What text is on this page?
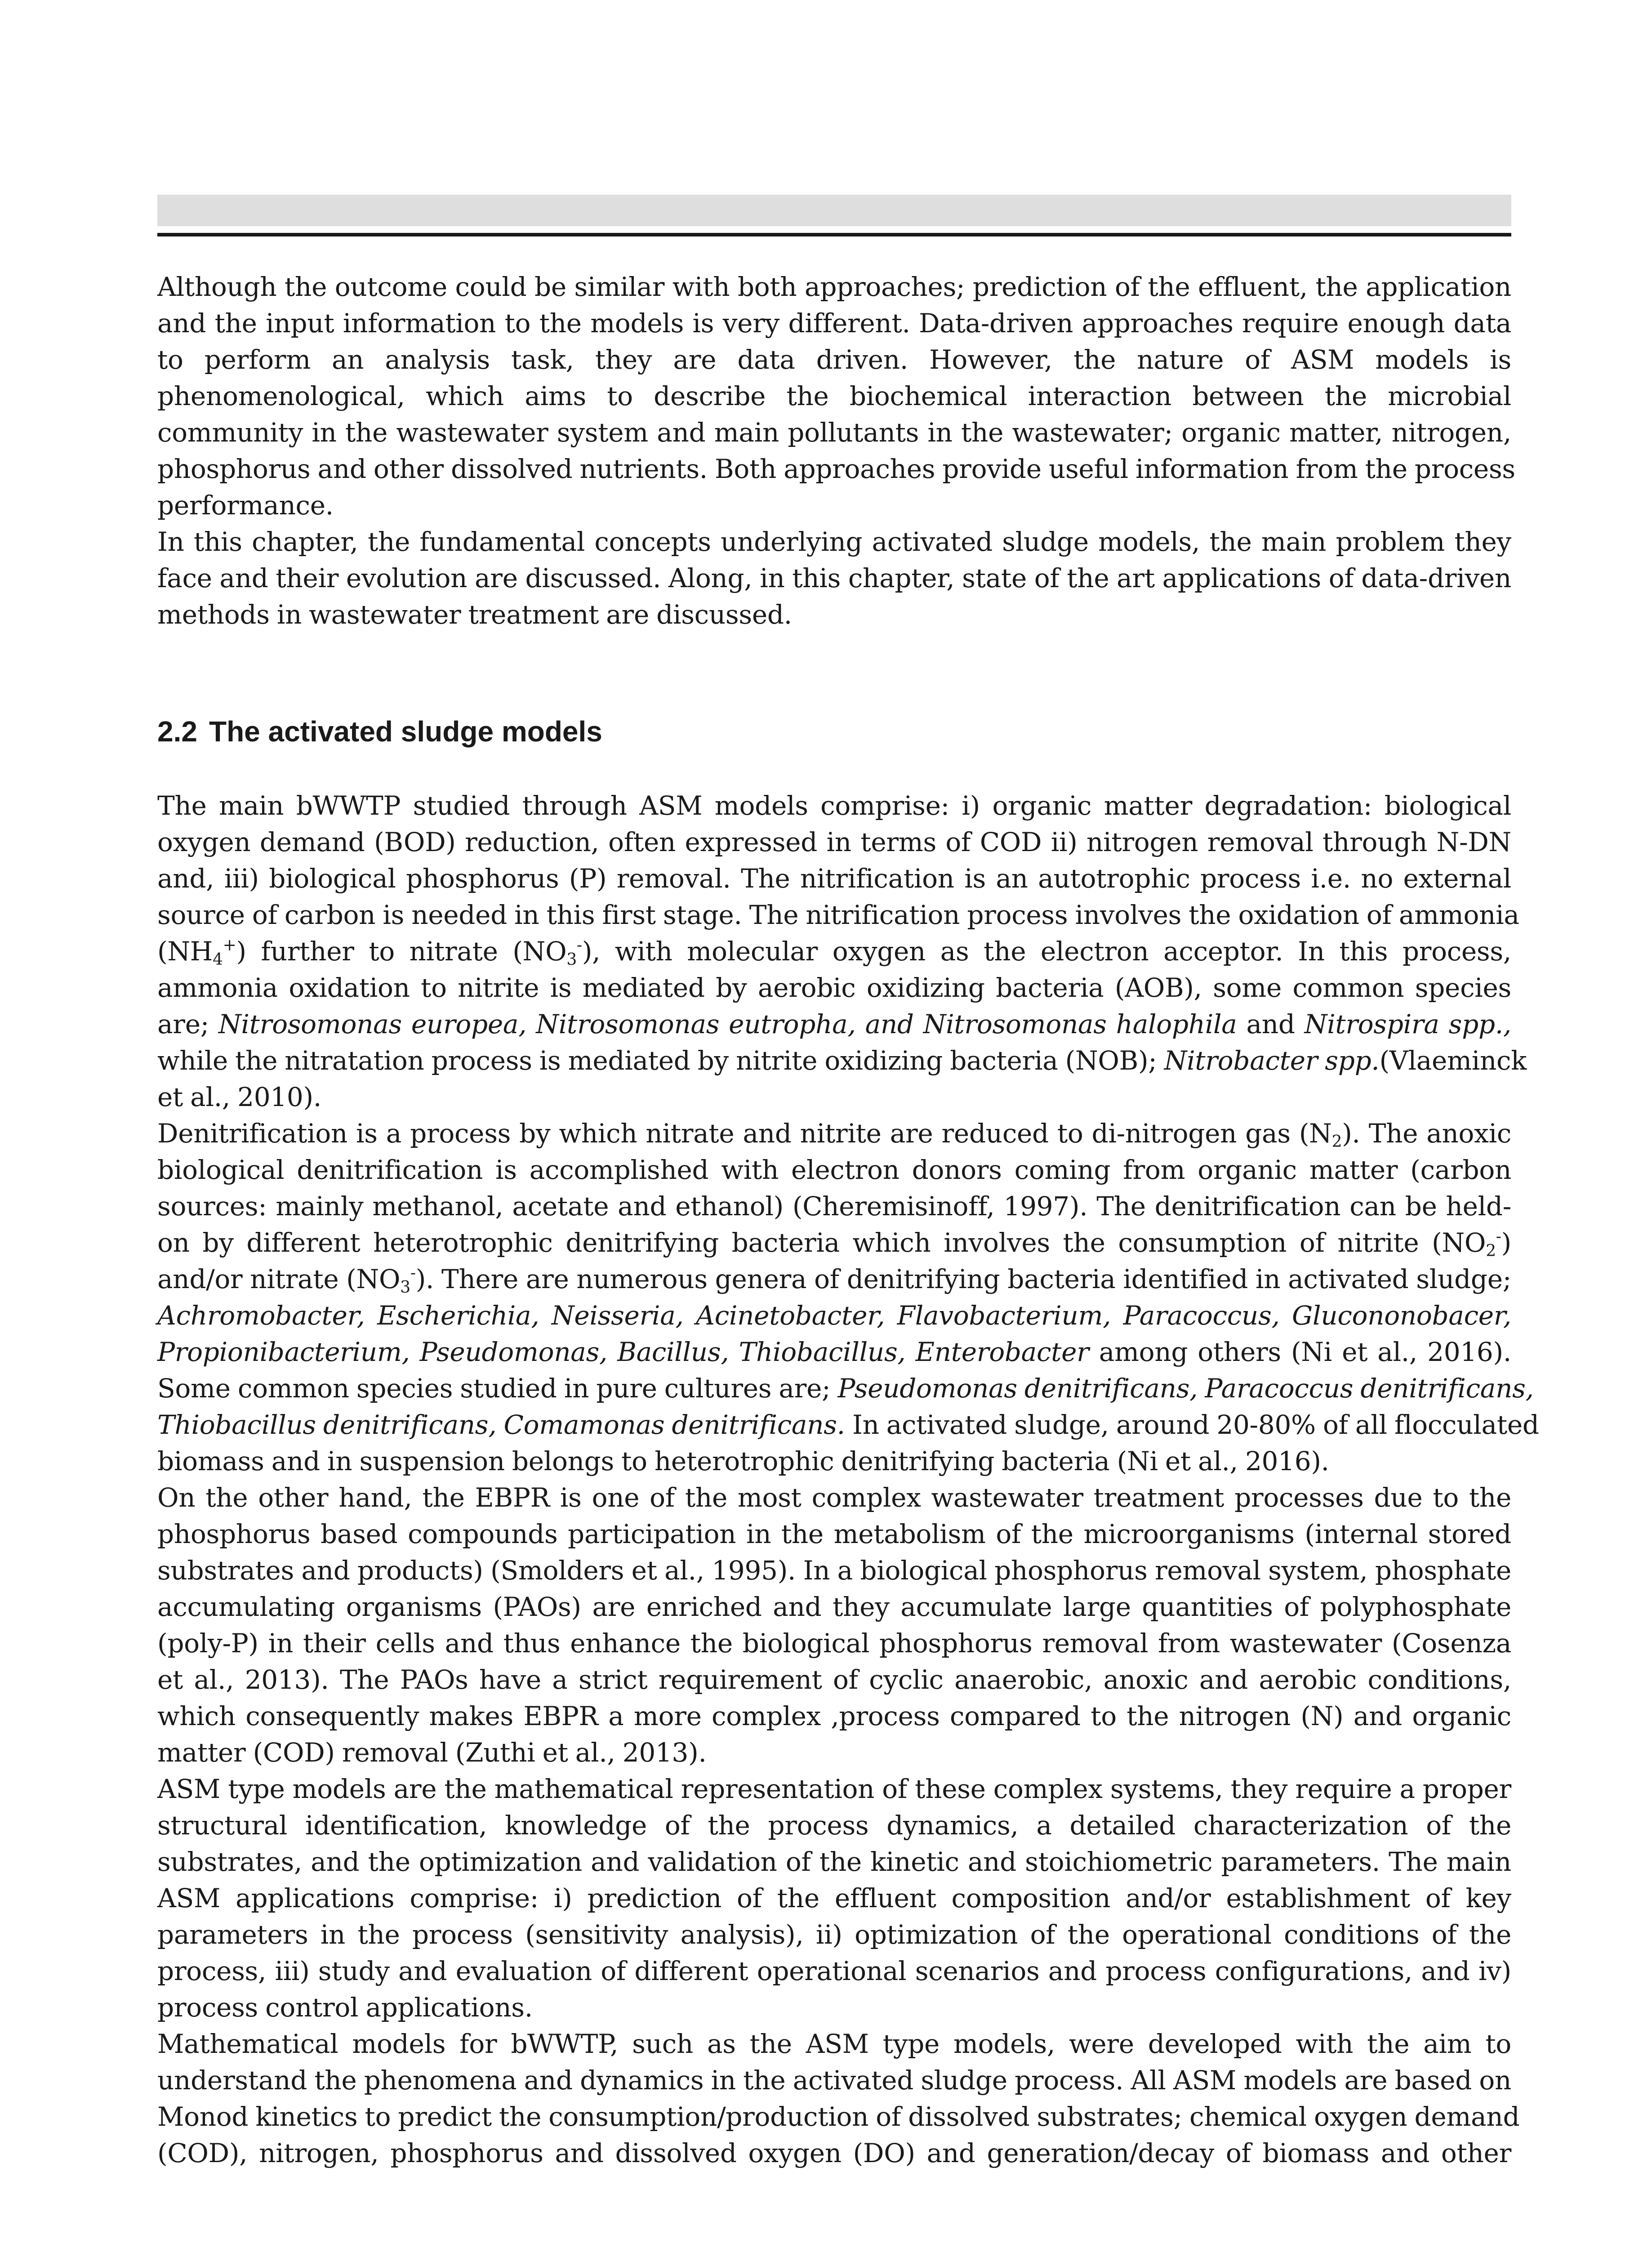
Although the outcome could be similar with both approaches; prediction of the effluent, the application
and the input information to the models is very different. Data-driven approaches require enough data
to perform an analysis task, they are data driven. However, the nature of ASM models is
phenomenological, which aims to describe the biochemical interaction between the microbial
community in the wastewater system and main pollutants in the wastewater; organic matter, nitrogen,
phosphorus and other dissolved nutrients. Both approaches provide useful information from the process
performance.

In this chapter, the fundamental concepts underlying activated sludge models, the main problem they
face and their evolution are discussed. Along, in this chapter, state of the art applications of data-driven
methods in wastewater treatment are discussed.

2.2 The activated sludge models

The main bWWTP studied through ASM models comprise: i) organic matter degradation: biological
oxygen demand (BOD) reduction, often expressed in terms of COD ii) nitrogen removal through N-DN
and, iii) biological phosphorus (P) removal. The nitrification is an autotrophic process i.e. no external
source of carbon is needed in this first stage. The nitrification process involves the oxidation of ammonia
$(NH_4^+)$ further to nitrate $(NO_3^-)$, with molecular oxygen as the electron acceptor. In this process,
ammonia oxidation to nitrite is mediated by aerobic oxidizing bacteria (AOB), some common species
are; Nitrosomonas europea, Nitrosomonas eutropha, and Nitrosomonas halophila and Nitrospira spp.,
while the nitratation process is mediated by nitrite oxidizing bacteria (NOB); Nitrobacter spp.(Vlaeminck
et al., 2010).

Denitrification is a process by which nitrate and nitrite are reduced to di-nitrogen gas $(N_2)$. The anoxic
biological denitrification is accomplished with electron donors coming from organic matter (carbon
sources: mainly methanol, acetate and ethanol) (Cheremisinoff, 1997). The denitrification can be held-
on by different heterotrophic denitrifying bacteria which involves the consumption of nitrite $(NO_2^-)$
and/or nitrate $(NO_3^-)$. There are numerous genera of denitrifying bacteria identified in activated sludge;
Achromobacter, Escherichia, Neisseria, Acinetobacter, Flavobacterium, Paracoccus, Glucononobacer,
Propionibacterium, Pseudomonas, Bacillus, Thiobacillus, Enterobacter among others (Ni et al., 2016).
Some common species studied in pure cultures are; Pseudomonas denitrificans, Paracoccus denitrificans,
Thiobacillus denitrificans, Comamonas denitrificans. In activated sludge, around 20-80% of all flocculated
biomass and in suspension belongs to heterotrophic denitrifying bacteria (Ni et al., 2016).

On the other hand, the EBPR is one of the most complex wastewater treatment processes due to the
phosphorus based compounds participation in the metabolism of the microorganisms (internal stored
substrates and products) (Smolders et al., 1995). In a biological phosphorus removal system, phosphate
accumulating organisms (PAOs) are enriched and they accumulate large quantities of polyphosphate
(poly-P) in their cells and thus enhance the biological phosphorus removal from wastewater (Cosenza
et al., 2013). The PAOs have a strict requirement of cyclic anaerobic, anoxic and aerobic conditions,
which consequently makes EBPR a more complex ,process compared to the nitrogen (N) and organic
matter (COD) removal (Zuthi et al., 2013).

ASM type models are the mathematical representation of these complex systems, they require a proper
structural identification, knowledge of the process dynamics, a detailed characterization of the
substrates, and the optimization and validation of the kinetic and stoichiometric parameters. The main
ASM applications comprise: i) prediction of the effluent composition and/or establishment of key
parameters in the process (sensitivity analysis), ii) optimization of the operational conditions of the
process, iii) study and evaluation of different operational scenarios and process configurations, and iv)
process control applications.

Mathematical models for bWWTP, such as the ASM type models, were developed with the aim to
understand the phenomena and dynamics in the activated sludge process. All ASM models are based on
Monod kinetics to predict the consumption/production of dissolved substrates; chemical oxygen demand
(COD), nitrogen, phosphorus and dissolved oxygen (DO) and generation/decay of biomass and other
